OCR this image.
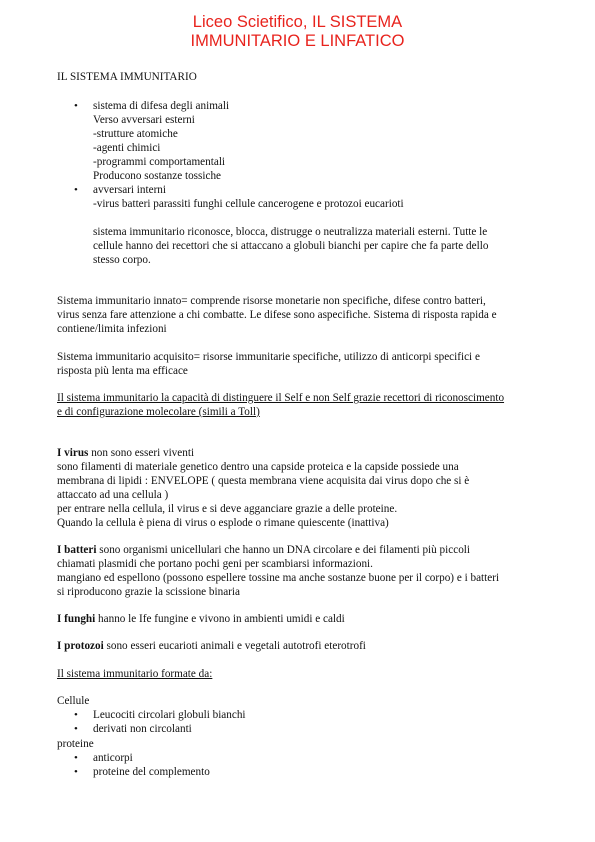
Liceo Scietifico, IL SISTEMA
IMMUNITARIO E LINFATICO
IL SISTEMA IMMUNITARIO
• sistema di difesa degli animali
Verso avversari esterni
-strutture atomiche
-agenti chimici
-programmi comportamentali
Producono sostanze tossiche
• avversari interni
-virus batteri parassiti funghi cellule cancerogene e protozoi eucarioti
sistema immunitario riconosce, blocca, distrugge o neutralizza materiali esterni. Tutte le
cellule hanno dei recettori che si attaccano a globuli bianchi per capire che fa parte dello
stesso corpo.
Sistema immunitario innato= comprende risorse monetarie non specifiche, difese contro batteri,
virus senza fare attenzione a chi combatte. Le difese sono aspecifiche. Sistema di risposta rapida e
contiene/limita infezioni
Sistema immunitario acquisito= risorse immunitarie specifiche, utilizzo di anticorpi specifici e
risposta più lenta ma efficace
Il sistema immunitario la capacità di distinguere il Self e non Self grazie recettori di riconoscimento
e di configurazione molecolare (simili a Toll)
I virus non sono esseri viventi
sono filamenti di materiale genetico dentro una capside proteica e la capside possiede una
membrana di lipidi : ENVELOPE ( questa membrana viene acquisita dai virus dopo che si è
attaccato ad una cellula )
per entrare nella cellula, il virus e si deve agganciare grazie a delle proteine.
Quando la cellula è piena di virus o esplode o rimane quiescente (inattiva)
I batteri sono organismi unicellulari che hanno un DNA circolare e dei filamenti più piccoli
chiamati plasmidi che portano pochi geni per scambiarsi informazioni.
mangiano ed espellono (possono espellere tossine ma anche sostanze buone per il corpo) e i batteri
si riproducono grazie la scissione binaria
I funghi hanno le Ife fungine e vivono in ambienti umidi e caldi
I protozoi sono esseri eucarioti animali e vegetali autotrofi eterotrofi
Il sistema immunitario formate da:
Cellule
• Leucociti circolari globuli bianchi
• derivati non circolanti
proteine
• anticorpi
• proteine del complemento
